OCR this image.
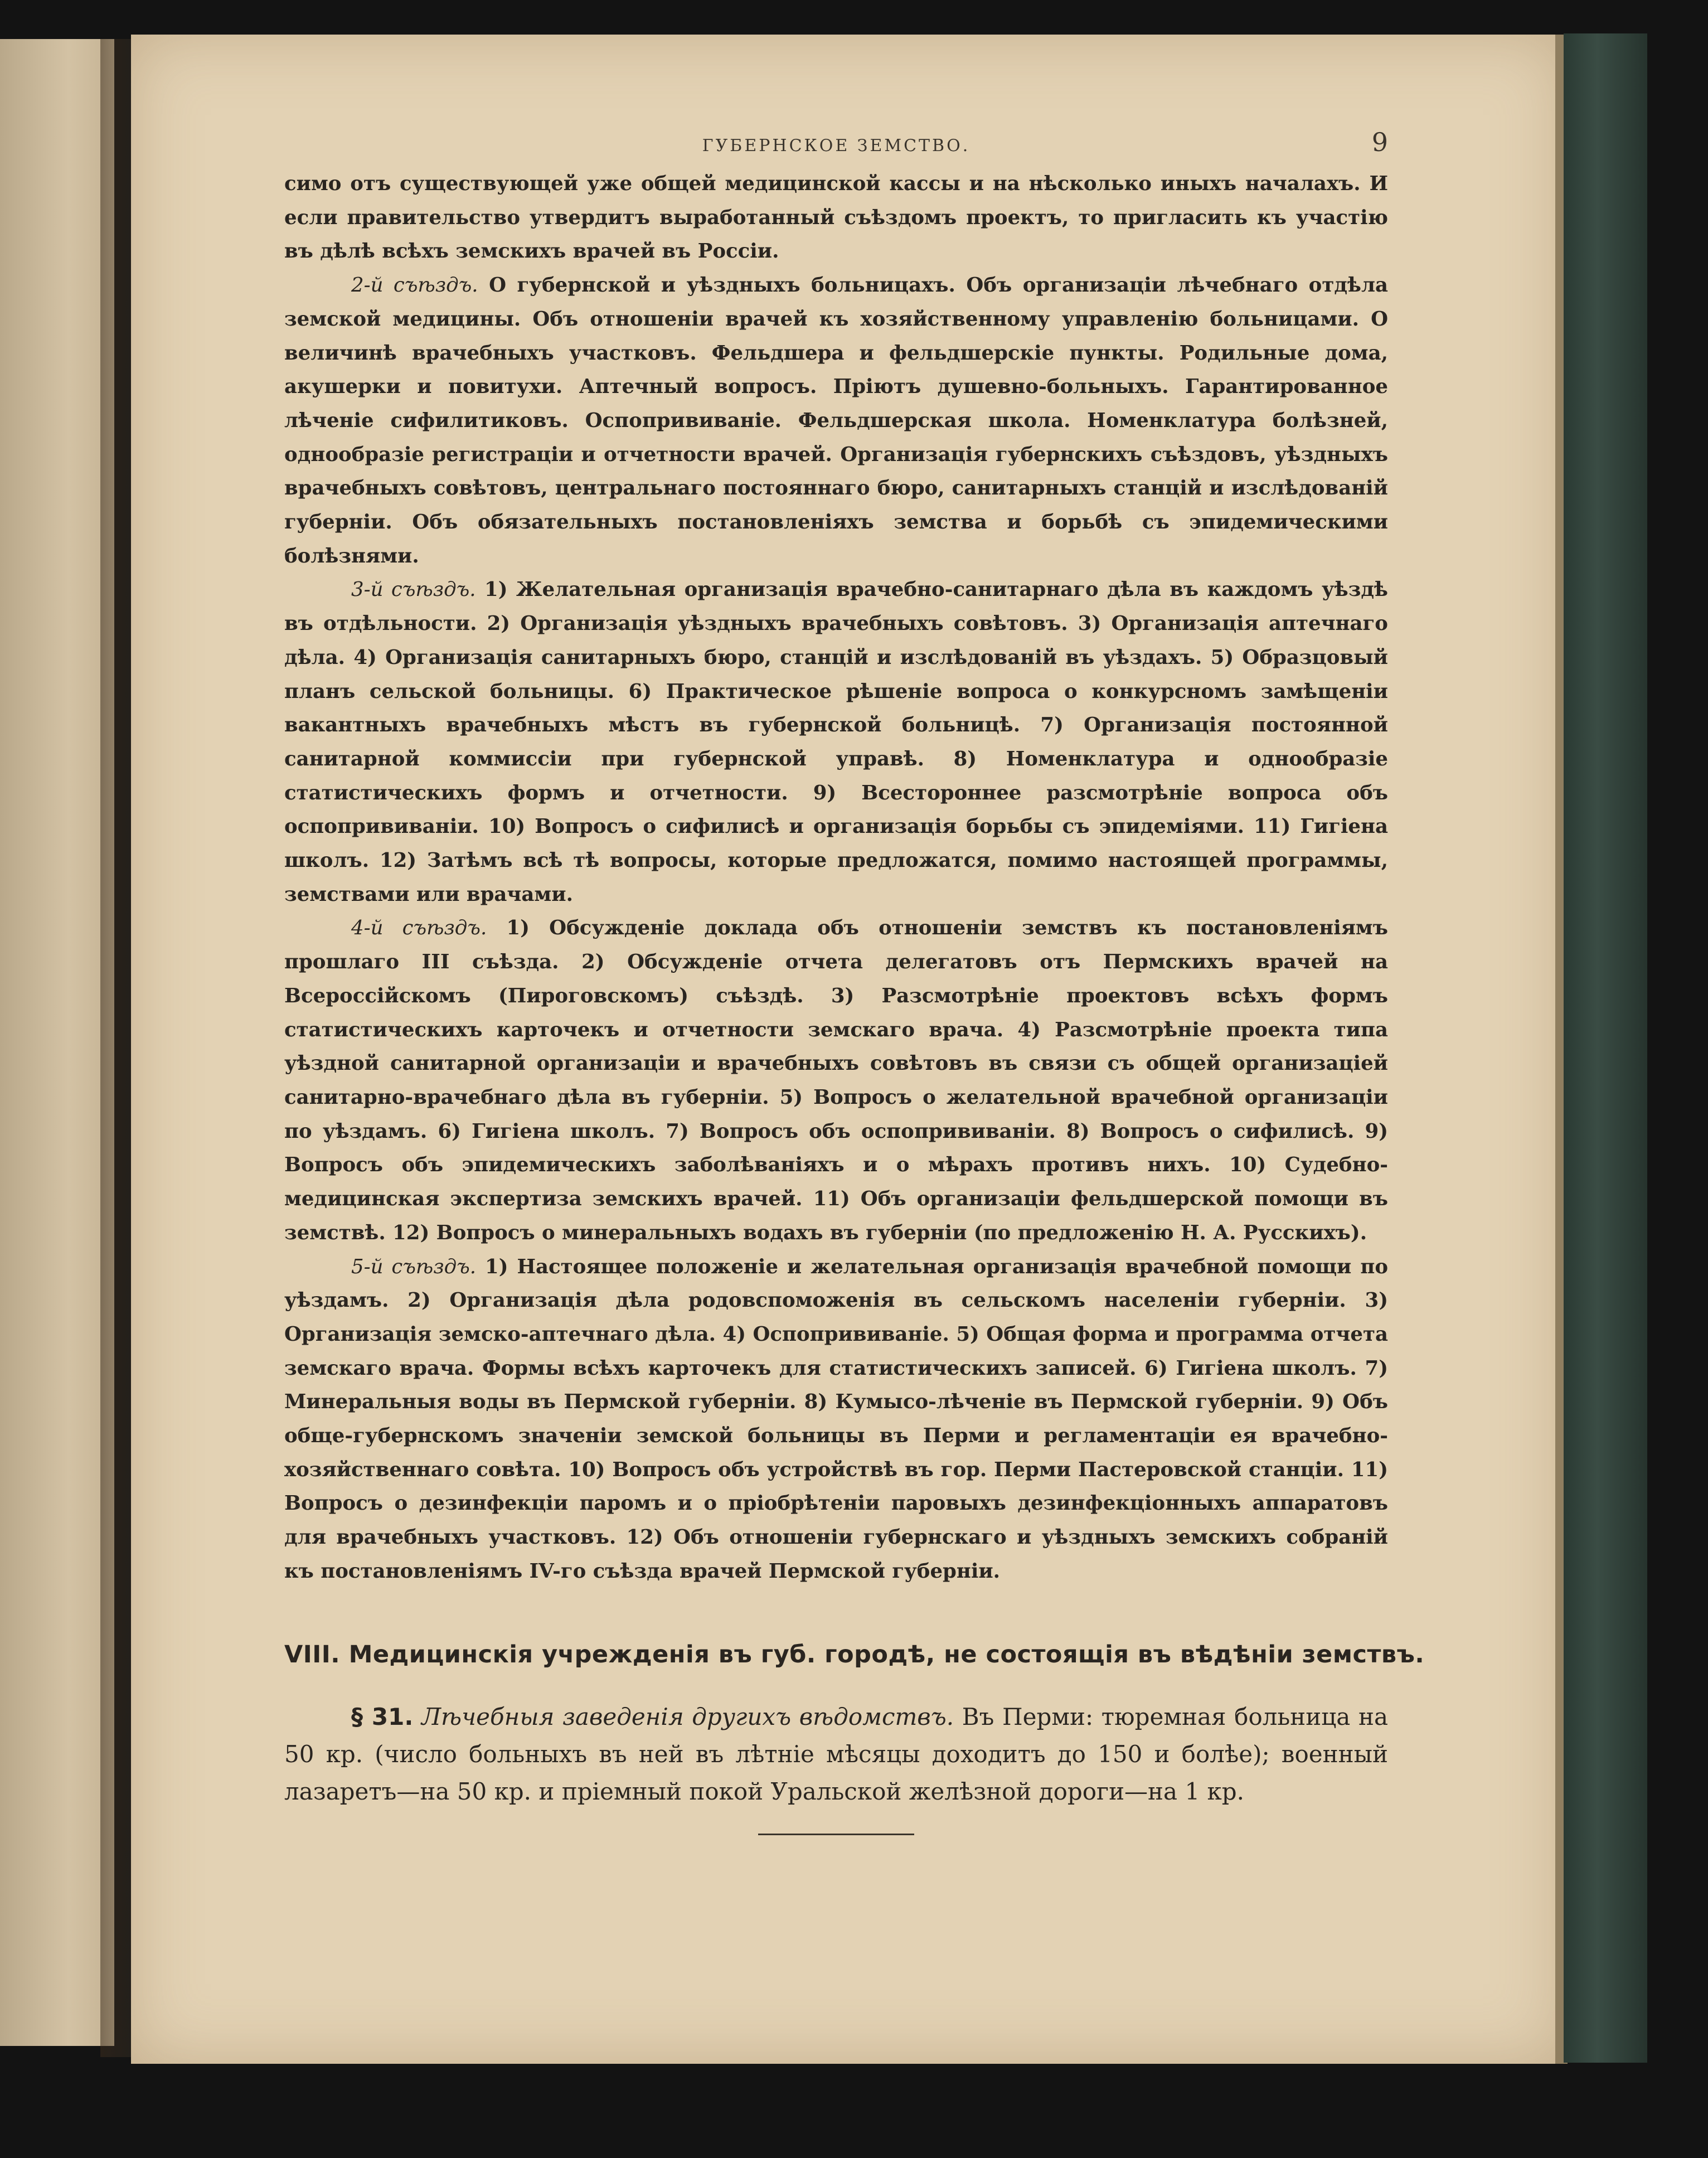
ГУБЕРНСКОЕ ЗЕМСТВО.	9

симо отъ существующей уже общей медицинской кассы и на нѣсколько иныхъ началахъ. И если правительство утвердитъ выработанный съѣздомъ проектъ, то пригласить къ участію въ дѣлѣ всѣхъ земскихъ врачей въ Россіи.

2-й съѣздъ. О губернской и уѣздныхъ больницахъ. Объ организаціи лѣчебнаго отдѣла земской медицины. Объ отношеніи врачей къ хозяйственному управленію больницами. О величинѣ врачебныхъ участковъ. Фельдшера и фельдшерскіе пункты. Родильные дома, акушерки и повитухи. Аптечный вопросъ. Пріютъ душевно-больныхъ. Гарантированное лѣченіе сифилитиковъ. Оспопрививаніе. Фельдшерская школа. Номенклатура болѣзней, однообразіе регистраціи и отчетности врачей. Организація губернскихъ съѣздовъ, уѣздныхъ врачебныхъ совѣтовъ, центральнаго постояннаго бюро, санитарныхъ станцій и изслѣдованій губерніи. Объ обязательныхъ постановленіяхъ земства и борьбѣ съ эпидемическими болѣзнями.

3-й съѣздъ. 1) Желательная организація врачебно-санитарнаго дѣла въ каждомъ уѣздѣ въ отдѣльности. 2) Организація уѣздныхъ врачебныхъ совѣтовъ. 3) Организація аптечнаго дѣла. 4) Организація санитарныхъ бюро, станцій и изслѣдованій въ уѣздахъ. 5) Образцовый планъ сельской больницы. 6) Практическое рѣшеніе вопроса о конкурсномъ замѣщеніи вакантныхъ врачебныхъ мѣстъ въ губернской больницѣ. 7) Организація постоянной санитарной коммиссіи при губернской управѣ. 8) Номенклатура и однообразіе статистическихъ формъ и отчетности. 9) Всестороннее разсмотрѣніе вопроса объ оспопрививаніи. 10) Вопросъ о сифилисѣ и организація борьбы съ эпидеміями. 11) Гигіена школъ. 12) Затѣмъ всѣ тѣ вопросы, которые предложатся, помимо настоящей программы, земствами или врачами.

4-й съѣздъ. 1) Обсужденіе доклада объ отношеніи земствъ къ постановленіямъ прошлаго III съѣзда. 2) Обсужденіе отчета делегатовъ отъ Пермскихъ врачей на Всероссійскомъ (Пироговскомъ) съѣздѣ. 3) Разсмотрѣніе проектовъ всѣхъ формъ статистическихъ карточекъ и отчетности земскаго врача. 4) Разсмотрѣніе проекта типа уѣздной санитарной организаціи и врачебныхъ совѣтовъ въ связи съ общей организаціей санитарно-врачебнаго дѣла въ губерніи. 5) Вопросъ о желательной врачебной организаціи по уѣздамъ. 6) Гигіена школъ. 7) Вопросъ объ оспопрививаніи. 8) Вопросъ о сифилисѣ. 9) Вопросъ объ эпидемическихъ заболѣваніяхъ и о мѣрахъ противъ нихъ. 10) Судебно-медицинская экспертиза земскихъ врачей. 11) Объ организаціи фельдшерской помощи въ земствѣ. 12) Вопросъ о минеральныхъ водахъ въ губерніи (по предложенію Н. А. Русскихъ).

5-й съѣздъ. 1) Настоящее положеніе и желательная организація врачебной помощи по уѣздамъ. 2) Организація дѣла родовспоможенія въ сельскомъ населеніи губерніи. 3) Организація земско-аптечнаго дѣла. 4) Оспопрививаніе. 5) Общая форма и программа отчета земскаго врача. Формы всѣхъ карточекъ для статистическихъ записей. 6) Гигіена школъ. 7) Минеральныя воды въ Пермской губерніи. 8) Кумысо-лѣченіе въ Пермской губерніи. 9) Объ обще-губернскомъ значеніи земской больницы въ Перми и регламентаціи ея врачебно-хозяйственнаго совѣта. 10) Вопросъ объ устройствѣ въ гор. Перми Пастеровской станціи. 11) Вопросъ о дезинфекціи паромъ и о пріобрѣтеніи паровыхъ дезинфекціонныхъ аппаратовъ для врачебныхъ участковъ. 12) Объ отношеніи губернскаго и уѣздныхъ земскихъ собраній къ постановленіямъ IV-го съѣзда врачей Пермской губерніи.

VIII. Медицинскія учрежденія въ губ. городѣ, не состоящія въ вѣдѣніи земствъ.

§ 31. Лѣчебныя заведенія другихъ вѣдомствъ. Въ Перми: тюремная больница на 50 кр. (число больныхъ въ ней въ лѣтніе мѣсяцы доходитъ до 150 и болѣе); военный лазаретъ—на 50 кр. и пріемный покой Уральской желѣзной дороги—на 1 кр.
